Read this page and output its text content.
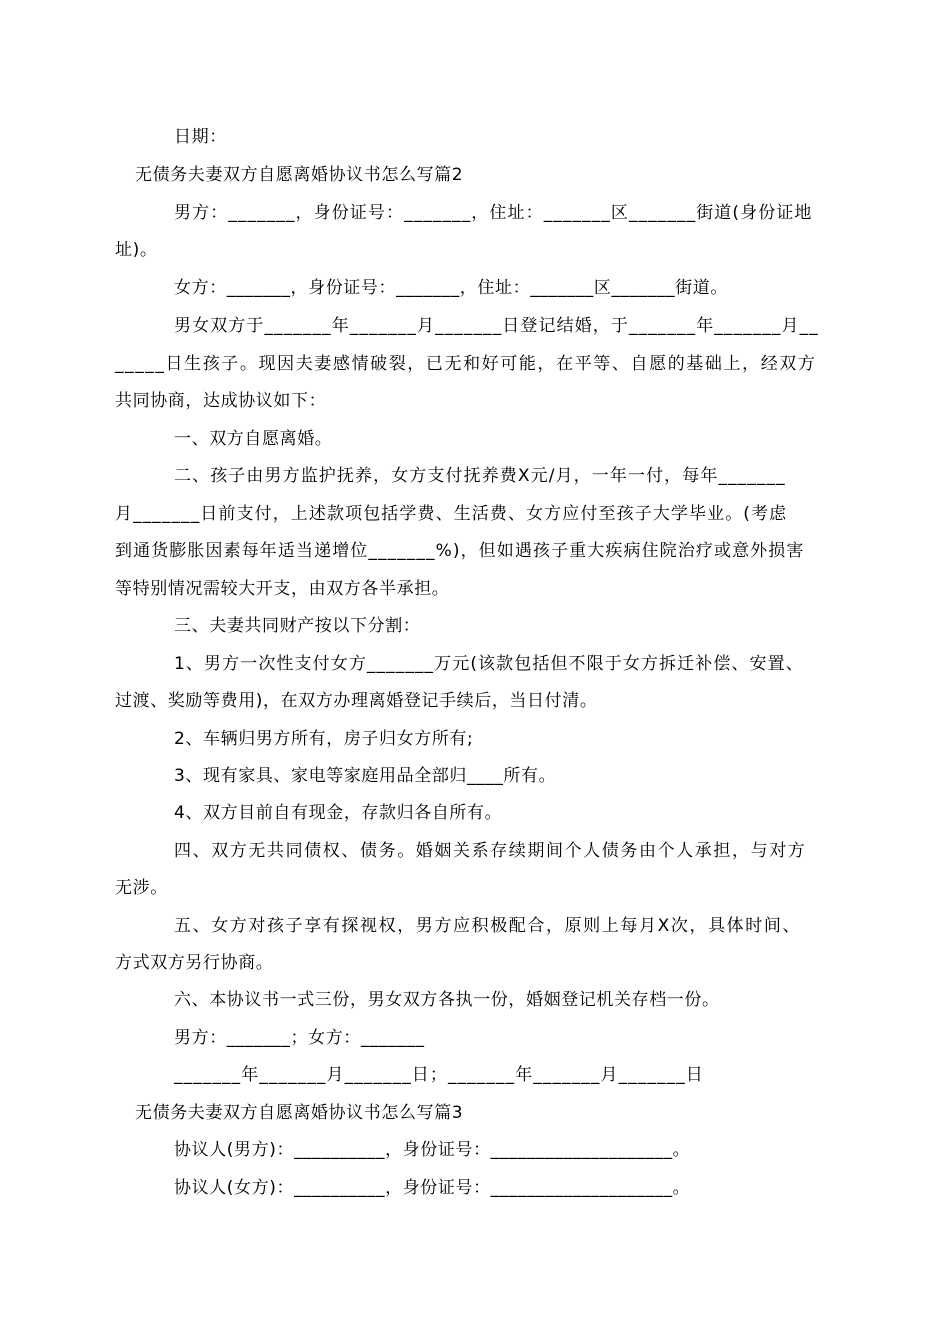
日期：
无债务夫妻双方自愿离婚协议书怎么写篇2
男方：_______，身份证号：_______，住址：_______区_______街道(身份证地
址)。
女方：_______，身份证号：_______，住址：_______区_______街道。
男女双方于_______年_______月_______日登记结婚，于_______年_______月__
_____日生孩子。现因夫妻感情破裂，已无和好可能，在平等、自愿的基础上，经双方
共同协商，达成协议如下：
一、双方自愿离婚。
二、孩子由男方监护抚养，女方支付抚养费X元/月，一年一付，每年_______
月_______日前支付，上述款项包括学费、生活费、女方应付至孩子大学毕业。(考虑
到通货膨胀因素每年适当递增位_______%)，但如遇孩子重大疾病住院治疗或意外损害
等特别情况需较大开支，由双方各半承担。
三、夫妻共同财产按以下分割：
1、男方一次性支付女方_______万元(该款包括但不限于女方拆迁补偿、安置、
过渡、奖励等费用)，在双方办理离婚登记手续后，当日付清。
2、车辆归男方所有，房子归女方所有;
3、现有家具、家电等家庭用品全部归____所有。
4、双方目前自有现金，存款归各自所有。
四、双方无共同债权、债务。婚姻关系存续期间个人债务由个人承担，与对方
无涉。
五、女方对孩子享有探视权，男方应积极配合，原则上每月X次，具体时间、
方式双方另行协商。
六、本协议书一式三份，男女双方各执一份，婚姻登记机关存档一份。
男方：_______；女方：_______
_______年_______月_______日；_______年_______月_______日
无债务夫妻双方自愿离婚协议书怎么写篇3
协议人(男方)：__________，身份证号：____________________。
协议人(女方)：__________，身份证号：____________________。
